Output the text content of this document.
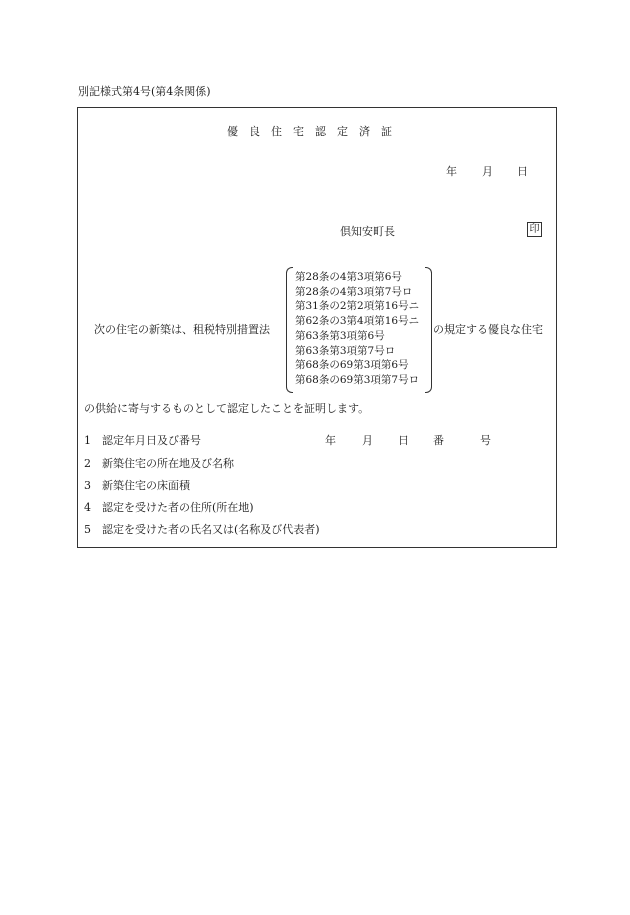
別記様式第4号(第4条関係)
優良住宅認定済証
年 月 日
倶知安町長	印
次の住宅の新築は、租税特別措置法
第28条の4第3項第6号
第28条の4第3項第7号ロ
第31条の2第2項第16号ニ
第62条の3第4項第16号ニ
第63条第3項第6号
第63条第3項第7号ロ
第68条の69第3項第6号
第68条の69第3項第7号ロ
の規定する優良な住宅
の供給に寄与するものとして認定したことを証明します。
1 認定年月日及び番号
2 新築住宅の所在地及び名称
3 新築住宅の床面積
4 認定を受けた者の住所(所在地)
5 認定を受けた者の氏名又は(名称及び代表者)
年 月 日 番	号
